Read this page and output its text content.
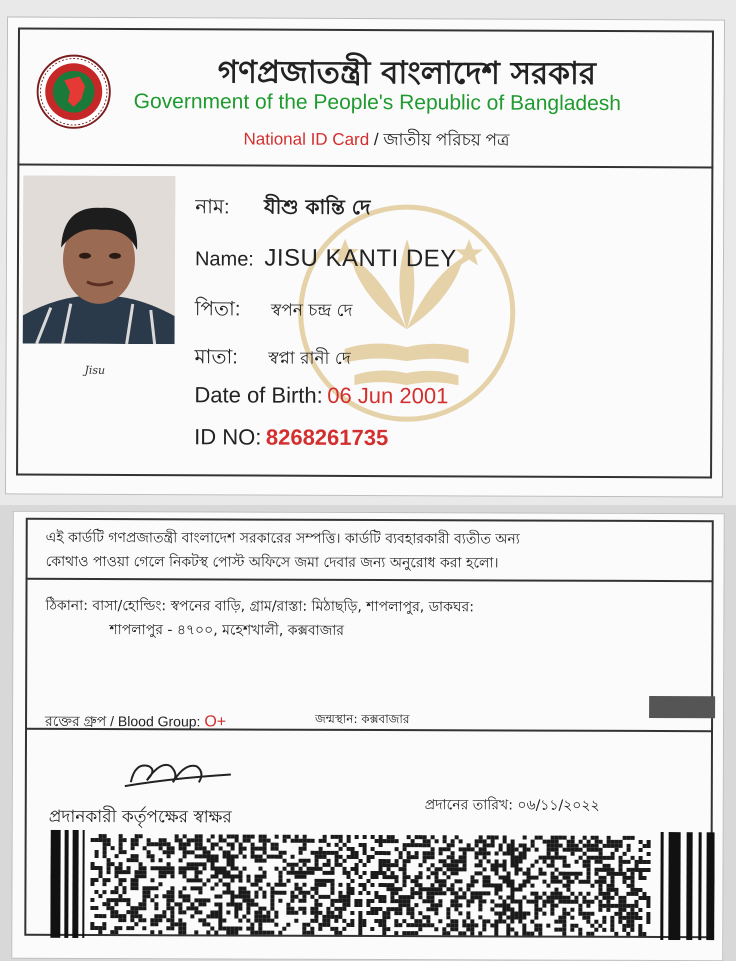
গণপ্রজাতন্ত্রী বাংলাদেশ সরকার
Government of the People's Republic of Bangladesh
National ID Card / জাতীয় পরিচয় পত্র
Jisu
নাম: যীশু কান্তি দে
Name: JISU KANTI DEY
পিতা: স্বপন চন্দ্র দে
মাতা: স্বপ্না রানী দে
Date of Birth: 06 Jun 2001
ID NO: 8268261735
এই কার্ডটি গণপ্রজাতন্ত্রী বাংলাদেশ সরকারের সম্পত্তি। কার্ডটি ব্যবহারকারী ব্যতীত অন্য
কোথাও পাওয়া গেলে নিকটস্থ পোস্ট অফিসে জমা দেবার জন্য অনুরোধ করা হলো।
ঠিকানা: বাসা/হোল্ডিং: স্বপনের বাড়ি, গ্রাম/রাস্তা: মিঠাছড়ি, শাপলাপুর, ডাকঘর:
শাপলাপুর - ৪৭০০, মহেশখালী, কক্সবাজার
রক্তের গ্রুপ / Blood Group: O+	জন্মস্থান: কক্সবাজার
প্রদানকারী কর্তৃপক্ষের স্বাক্ষর
প্রদানের তারিখ: ০৬/১১/২০২২
